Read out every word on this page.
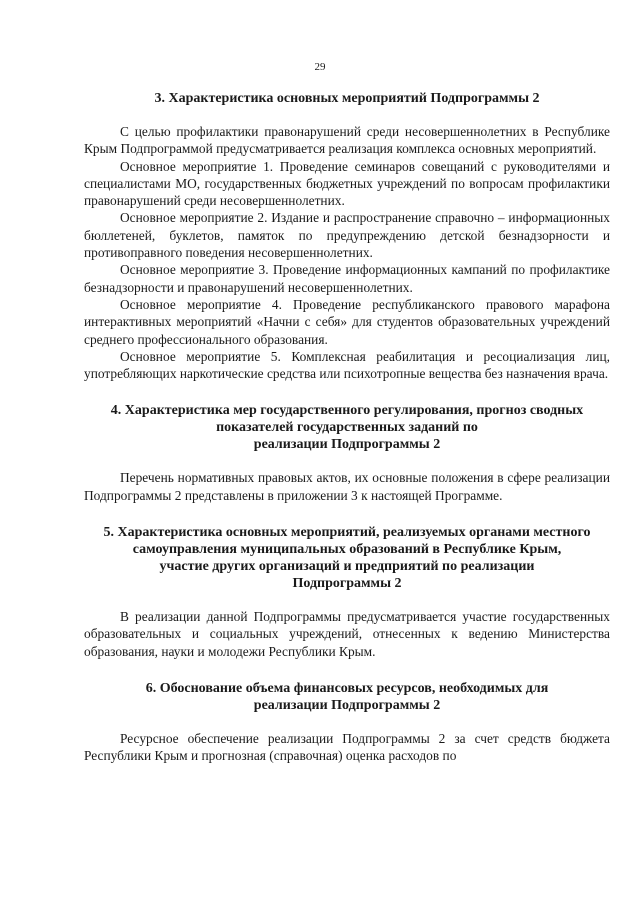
29
3. Характеристика основных мероприятий Подпрограммы 2

С целью профилактики правонарушений среди несовершеннолетних в Республике Крым Подпрограммой предусматривается реализация комплекса основных мероприятий.

Основное мероприятие 1. Проведение семинаров совещаний с руководителями и специалистами МО, государственных бюджетных учреждений по вопросам профилактики правонарушений среди несовершеннолетних.

Основное мероприятие 2. Издание и распространение справочно – информационных бюллетеней, буклетов, памяток по предупреждению детской безнадзорности и противоправного поведения несовершеннолетних.

Основное мероприятие 3. Проведение информационных кампаний по профилактике безнадзорности и правонарушений несовершеннолетних.

Основное мероприятие 4. Проведение республиканского правового марафона интерактивных мероприятий «Начни с себя» для студентов образовательных учреждений среднего профессионального образования.

Основное мероприятие 5. Комплексная реабилитация и ресоциализация лиц, употребляющих наркотические средства или психотропные вещества без назначения врача.

4. Характеристика мер государственного регулирования, прогноз сводных
показателей государственных заданий по
реализации Подпрограммы 2

Перечень нормативных правовых актов, их основные положения в сфере реализации Подпрограммы 2 представлены в приложении 3 к настоящей Программе.

5. Характеристика основных мероприятий, реализуемых органами местного
самоуправления муниципальных образований в Республике Крым,
участие других организаций и предприятий по реализации
Подпрограммы 2

В реализации данной Подпрограммы предусматривается участие государственных образовательных и социальных учреждений, отнесенных к ведению Министерства образования, науки и молодежи Республики Крым.

6. Обоснование объема финансовых ресурсов, необходимых для
реализации Подпрограммы 2

Ресурсное обеспечение реализации Подпрограммы 2 за счет средств бюджета Республики Крым и прогнозная (справочная) оценка расходов по
